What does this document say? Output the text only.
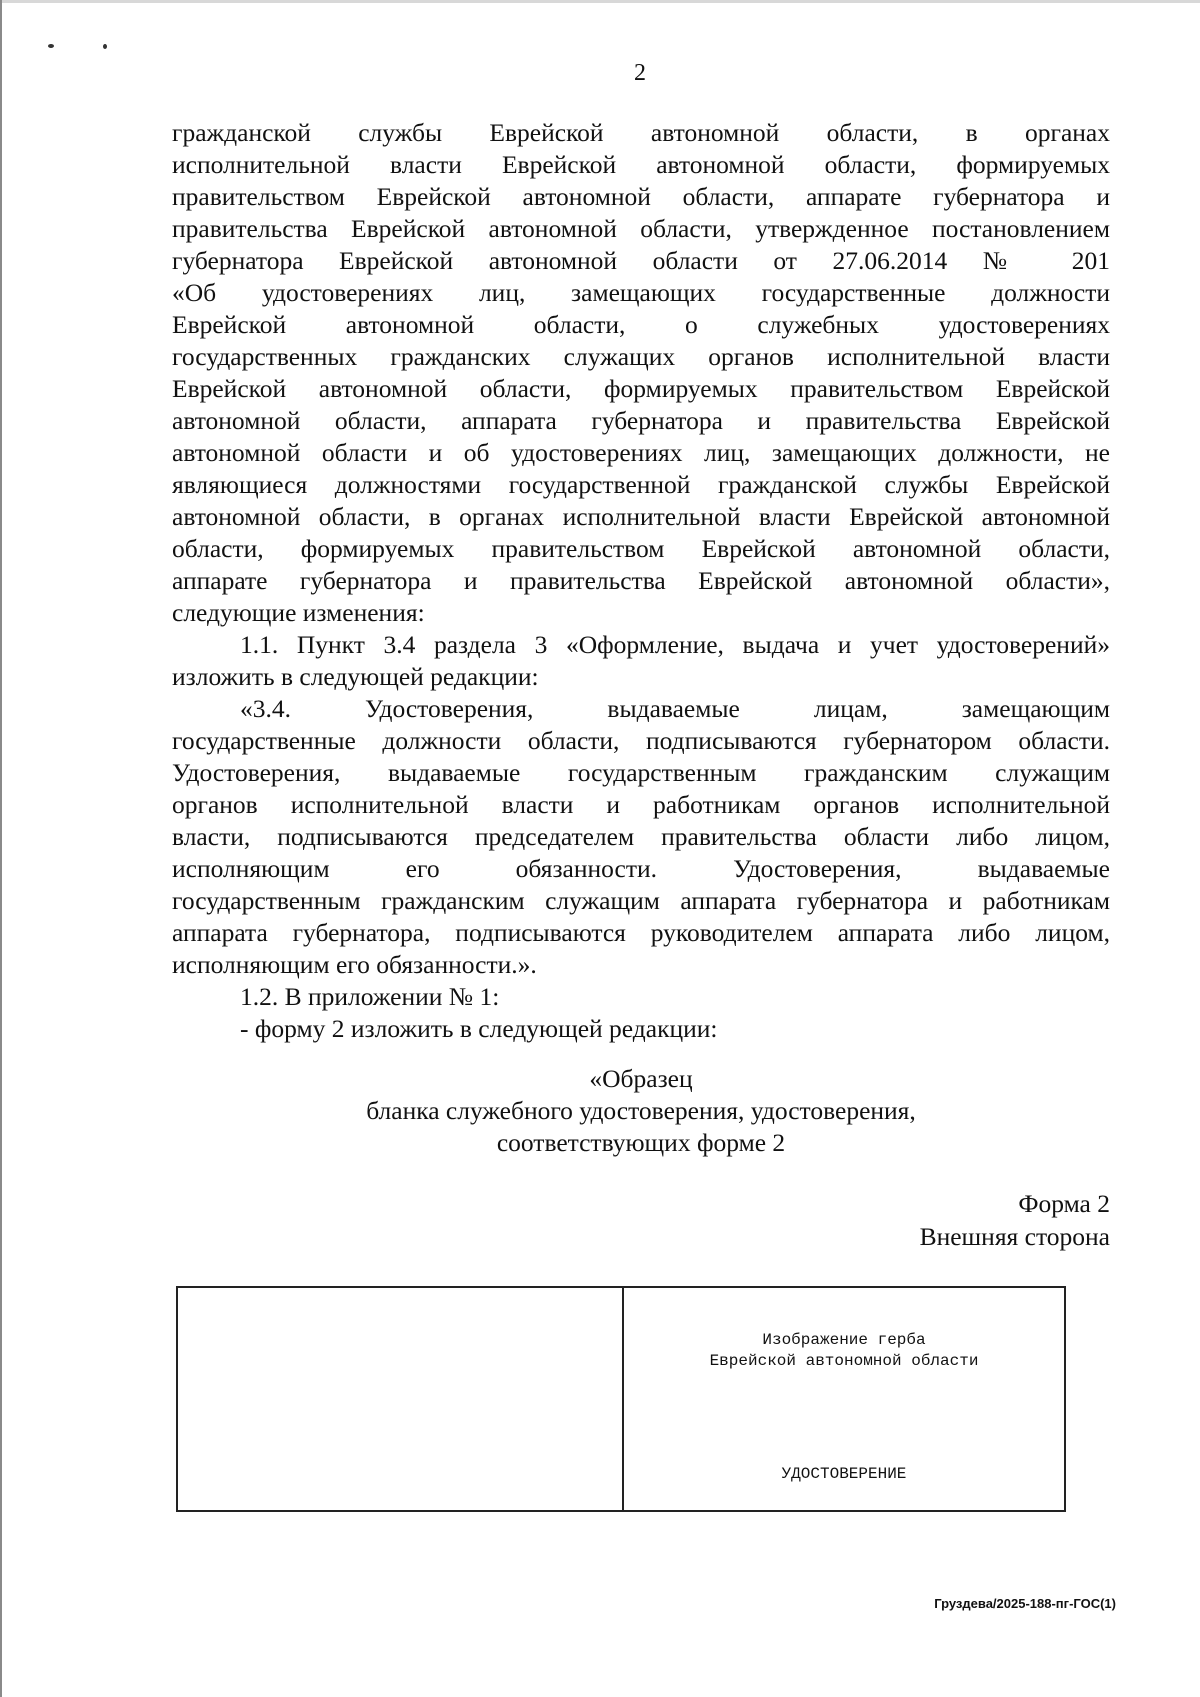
2

гражданской службы Еврейской автономной области, в органах

исполнительной власти Еврейской автономной области, формируемых

правительством Еврейской автономной области, аппарате губернатора и

правительства Еврейской автономной области, утвержденное постановлением

губернатора Еврейской автономной области от 27.06.2014 № 201

«Об удостоверениях лиц, замещающих государственные должности

Еврейской автономной области, о служебных удостоверениях

государственных гражданских служащих органов исполнительной власти

Еврейской автономной области, формируемых правительством Еврейской

автономной области, аппарата губернатора и правительства Еврейской

автономной области и об удостоверениях лиц, замещающих должности, не

являющиеся должностями государственной гражданской службы Еврейской

автономной области, в органах исполнительной власти Еврейской автономной

области, формируемых правительством Еврейской автономной области,

аппарате губернатора и правительства Еврейской автономной области»,

следующие изменения:

1.1. Пункт 3.4 раздела 3 «Оформление, выдача и учет удостоверений»

изложить в следующей редакции:

«3.4. Удостоверения, выдаваемые лицам, замещающим

государственные должности области, подписываются губернатором области.

Удостоверения, выдаваемые государственным гражданским служащим

органов исполнительной власти и работникам органов исполнительной

власти, подписываются председателем правительства области либо лицом,

исполняющим его обязанности. Удостоверения, выдаваемые

государственным гражданским служащим аппарата губернатора и работникам

аппарата губернатора, подписываются руководителем аппарата либо лицом,

исполняющим его обязанности.».

1.2. В приложении № 1:

- форму 2 изложить в следующей редакции:

«Образец

бланка служебного удостоверения, удостоверения,

соответствующих форме 2

Форма 2

Внешняя сторона

Изображение герба

Еврейской автономной области

УДОСТОВЕРЕНИЕ
Груздева/2025-188-пг-ГОС(1)
